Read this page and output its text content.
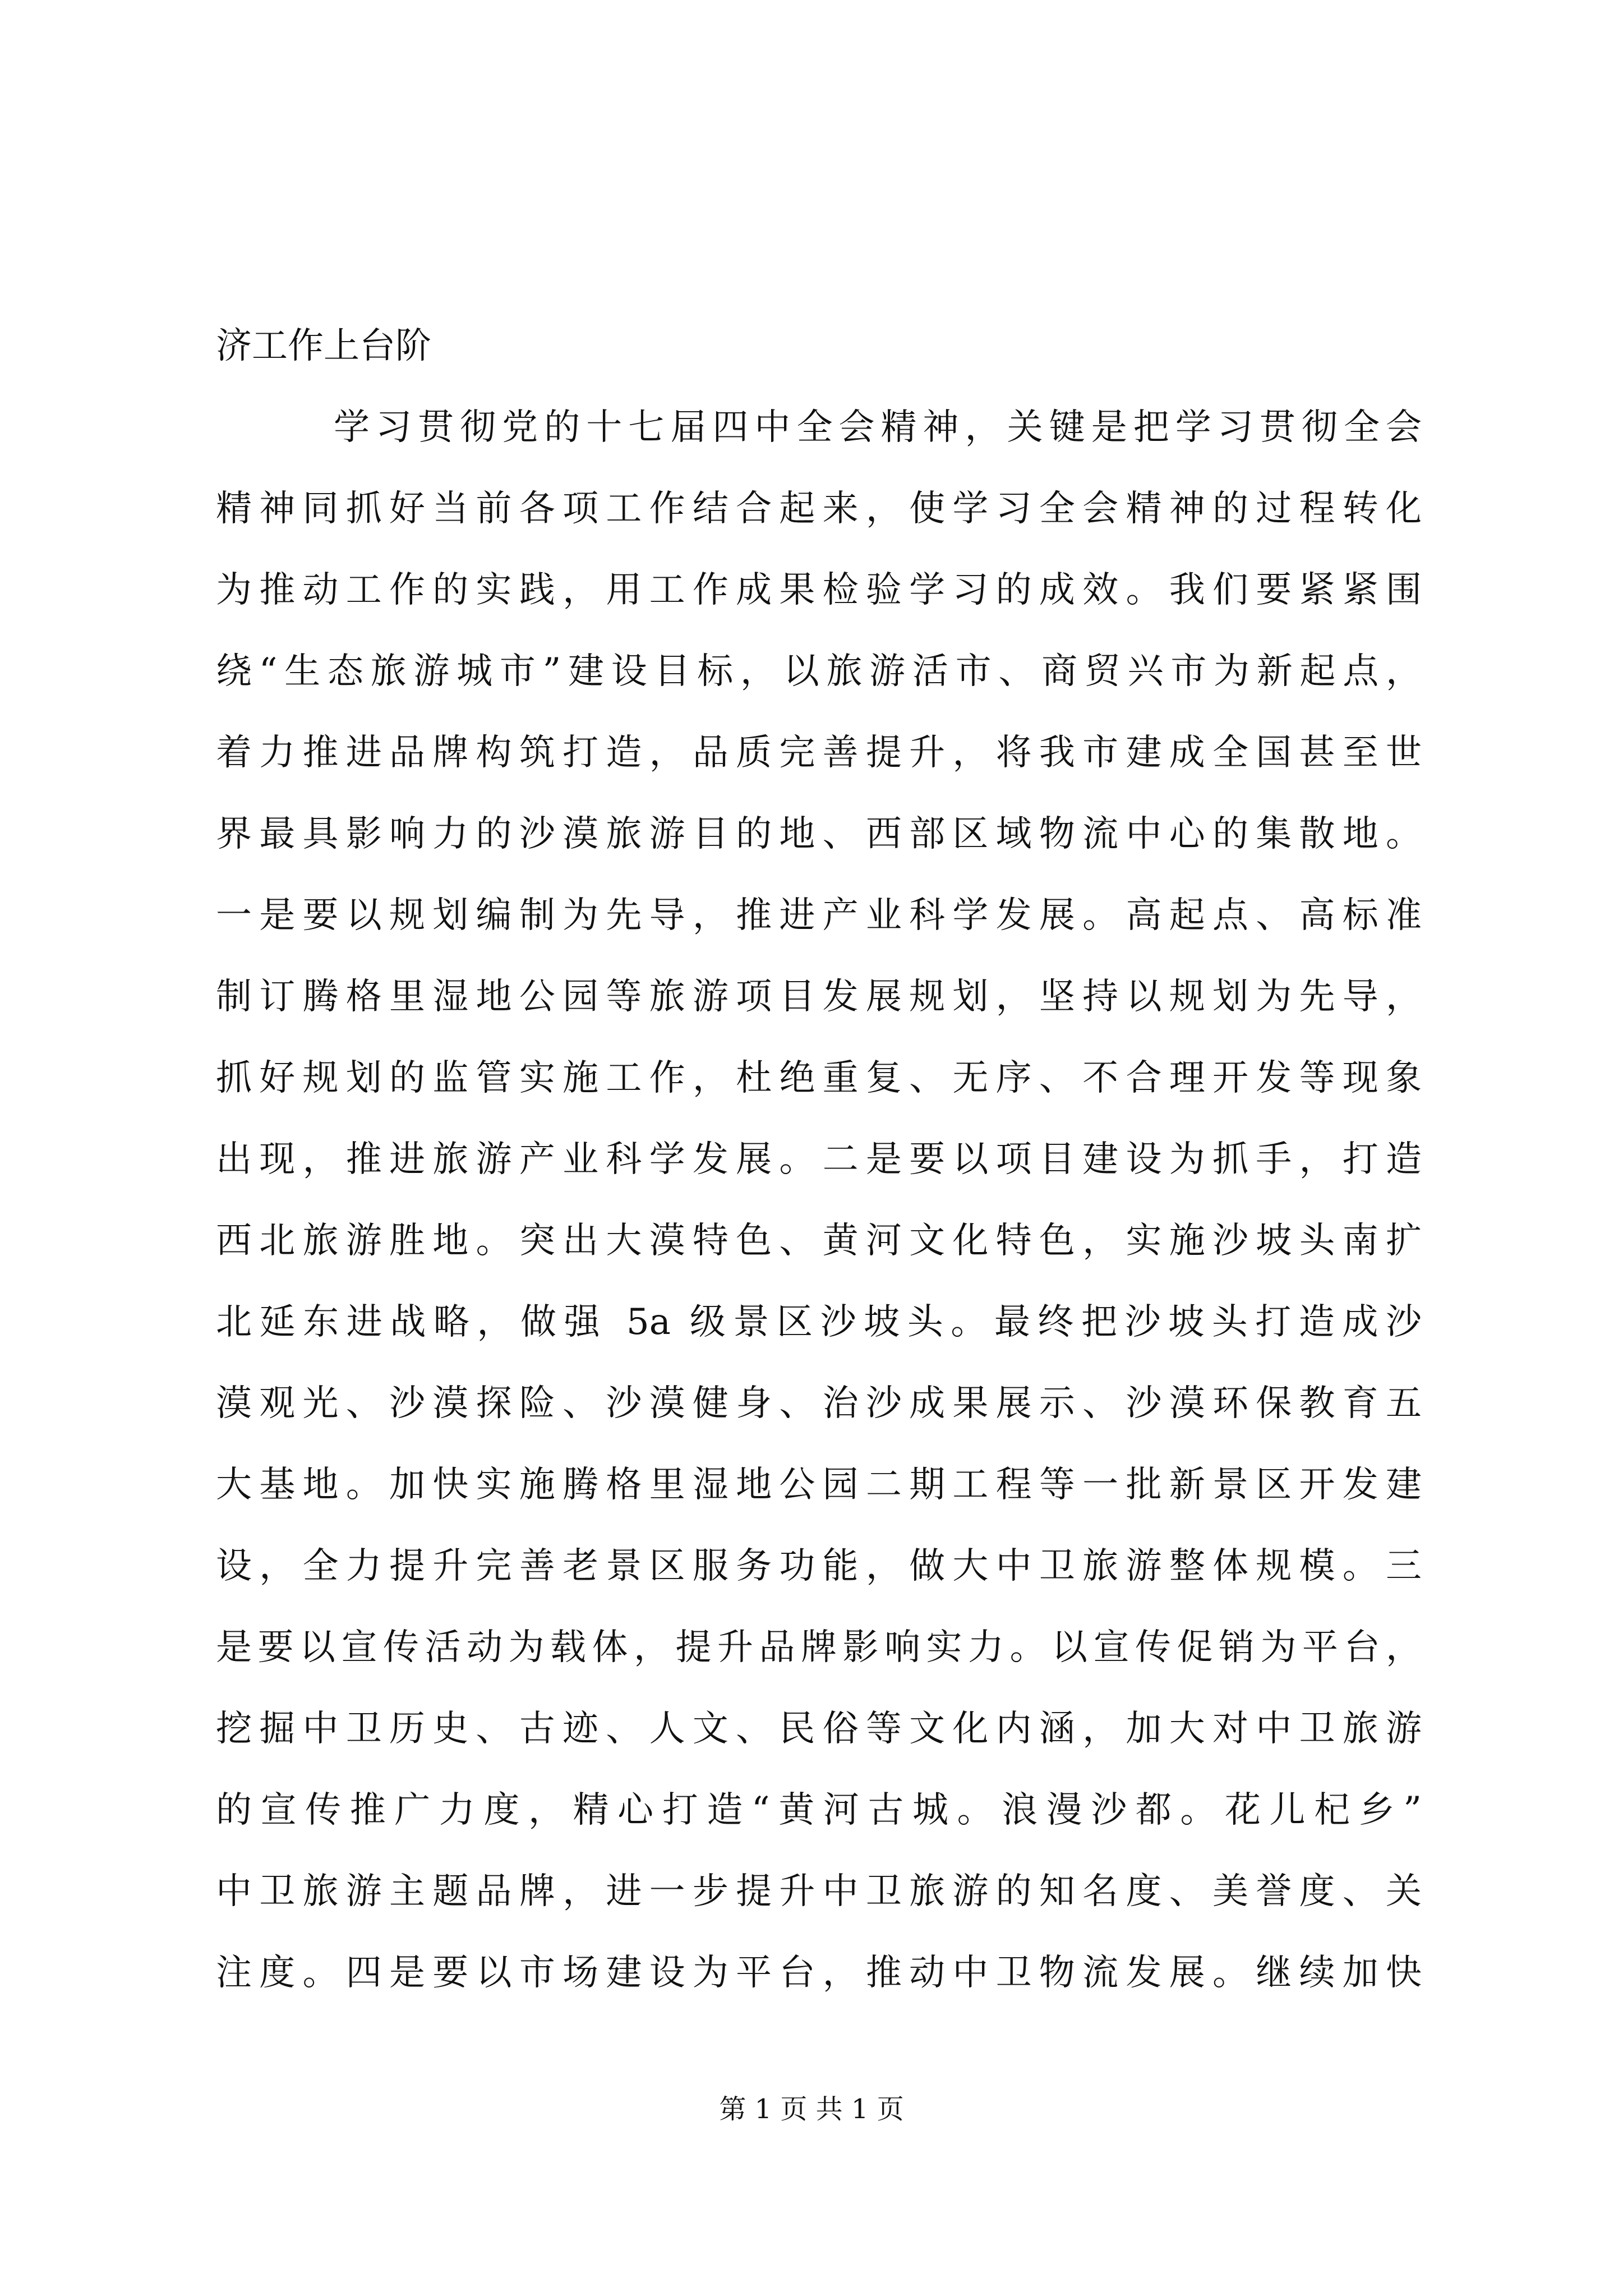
济工作上台阶
学习贯彻党的十七届四中全会精神，关键是把学习贯彻全会
精神同抓好当前各项工作结合起来，使学习全会精神的过程转化
为推动工作的实践，用工作成果检验学习的成效。我们要紧紧围
绕“生态旅游城市”建设目标，以旅游活市、商贸兴市为新起点，
着力推进品牌构筑打造，品质完善提升，将我市建成全国甚至世
界最具影响力的沙漠旅游目的地、西部区域物流中心的集散地。
一是要以规划编制为先导，推进产业科学发展。高起点、高标准
制订腾格里湿地公园等旅游项目发展规划，坚持以规划为先导，
抓好规划的监管实施工作，杜绝重复、无序、不合理开发等现象
出现，推进旅游产业科学发展。二是要以项目建设为抓手，打造
西北旅游胜地。突出大漠特色、黄河文化特色，实施沙坡头南扩
北延东进战略，做强 5a 级景区沙坡头。最终把沙坡头打造成沙
漠观光、沙漠探险、沙漠健身、治沙成果展示、沙漠环保教育五
大基地。加快实施腾格里湿地公园二期工程等一批新景区开发建
设，全力提升完善老景区服务功能，做大中卫旅游整体规模。三
是要以宣传活动为载体，提升品牌影响实力。以宣传促销为平台，
挖掘中卫历史、古迹、人文、民俗等文化内涵，加大对中卫旅游
的宣传推广力度，精心打造“黄河古城。浪漫沙都。花儿杞乡”
中卫旅游主题品牌，进一步提升中卫旅游的知名度、美誉度、关
注度。四是要以市场建设为平台，推动中卫物流发展。继续加快
第 1 页 共 1 页
